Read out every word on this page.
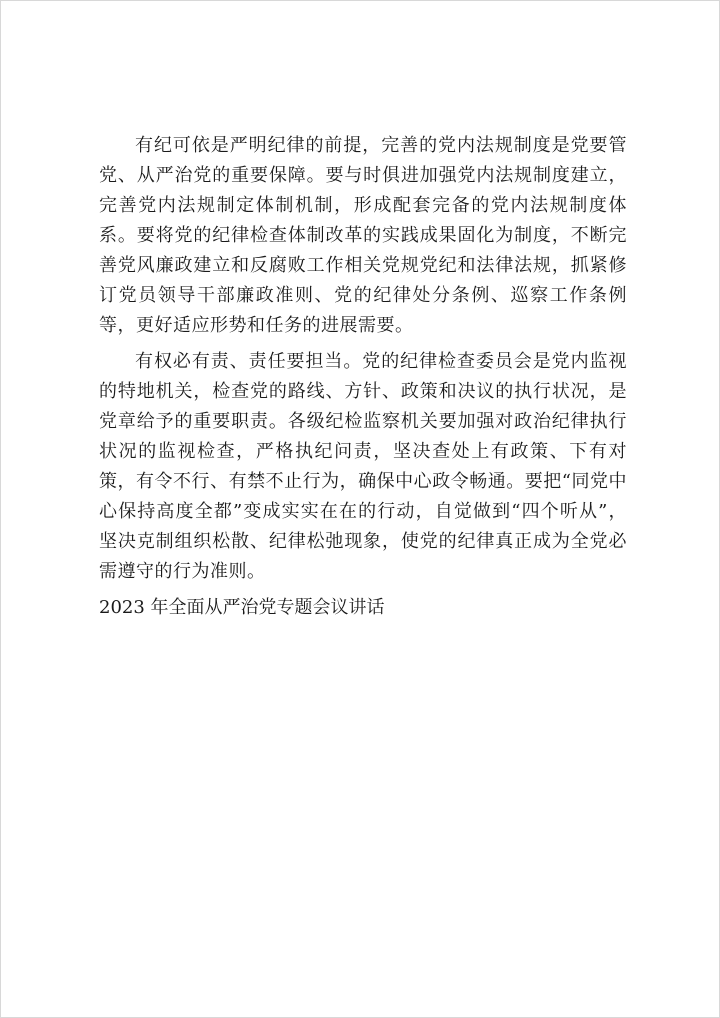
有纪可依是严明纪律的前提，完善的党内法规制度是党要管党、从严治党的重要保障。要与时俱进加强党内法规制度建立，完善党内法规制定体制机制，形成配套完备的党内法规制度体系。要将党的纪律检查体制改革的实践成果固化为制度，不断完善党风廉政建立和反腐败工作相关党规党纪和法律法规，抓紧修订党员领导干部廉政准则、党的纪律处分条例、巡察工作条例等，更好适应形势和任务的进展需要。

有权必有责、责任要担当。党的纪律检查委员会是党内监视的特地机关，检查党的路线、方针、政策和决议的执行状况，是党章给予的重要职责。各级纪检监察机关要加强对政治纪律执行状况的监视检查，严格执纪问责，坚决查处上有政策、下有对策，有令不行、有禁不止行为，确保中心政令畅通。要把“同党中心保持高度全都”变成实实在在的行动，自觉做到“四个听从”，坚决克制组织松散、纪律松弛现象，使党的纪律真正成为全党必需遵守的行为准则。

2023 年全面从严治党专题会议讲话
